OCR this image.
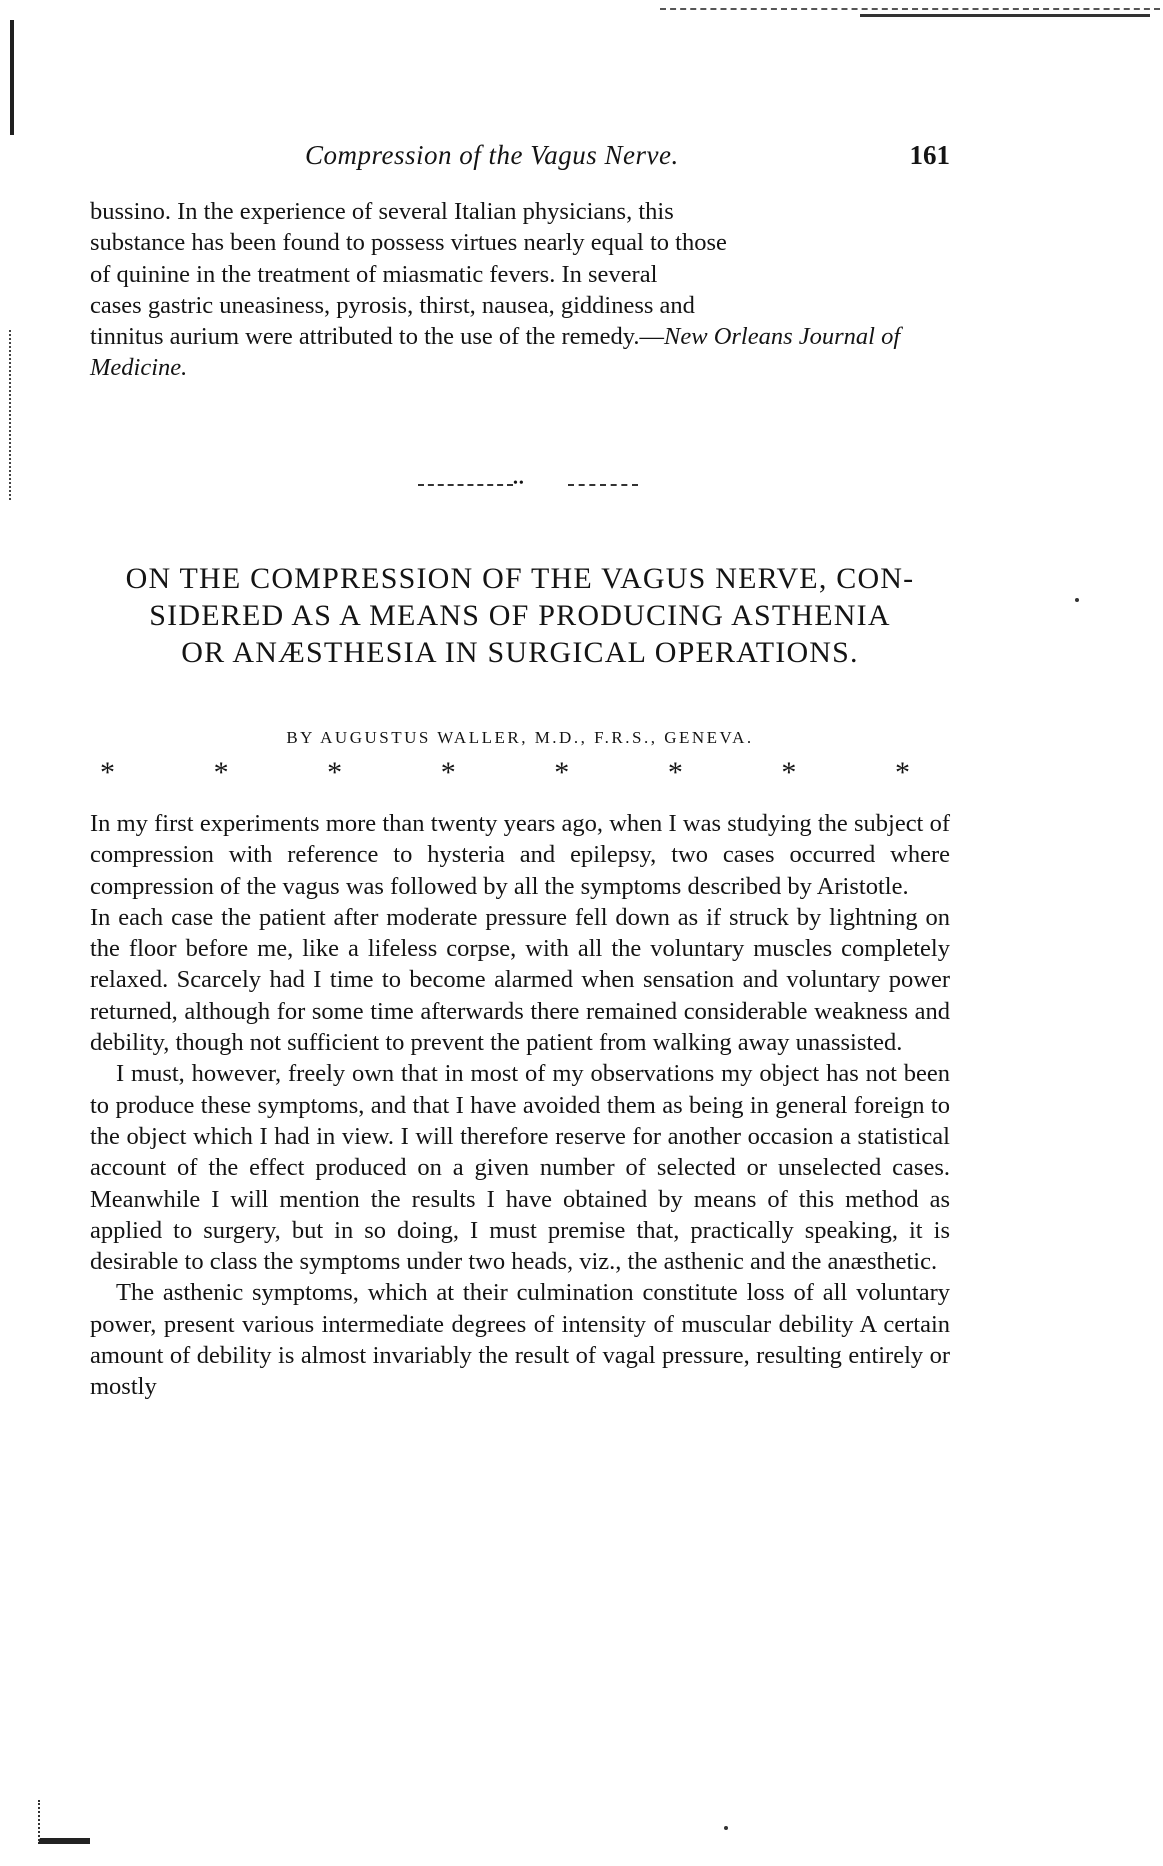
Compression of the Vagus Nerve.	161

bussino. In the experience of several Italian physicians, this
substance has been found to possess virtues nearly equal to those
of quinine in the treatment of miasmatic fevers. In several
cases gastric uneasiness, pyrosis, thirst, nausea, giddiness and
tinnitus aurium were attributed to the use of the remedy.—New Orleans Journal of Medicine.

••
ON THE COMPRESSION OF THE VAGUS NERVE, CON-
SIDERED AS A MEANS OF PRODUCING ASTHENIA
OR ANÆSTHESIA IN SURGICAL OPERATIONS.
BY AUGUSTUS WALLER, M.D., F.R.S., GENEVA.
*	*	*	*	*	*	*	*

In my first experiments more than twenty years ago, when I was studying the subject of compression with reference to hysteria and epilepsy, two cases occurred where compression of the vagus was followed by all the symptoms described by Aristotle.

In each case the patient after moderate pressure fell down as if struck by lightning on the floor before me, like a lifeless corpse, with all the voluntary muscles completely relaxed. Scarcely had I time to become alarmed when sensation and voluntary power returned, although for some time afterwards there remained considerable weakness and debility, though not sufficient to prevent the patient from walking away unassisted.

I must, however, freely own that in most of my observations my object has not been to produce these symptoms, and that I have avoided them as being in general foreign to the object which I had in view. I will therefore reserve for another occasion a statistical account of the effect produced on a given number of selected or unselected cases. Meanwhile I will mention the results I have obtained by means of this method as applied to surgery, but in so doing, I must premise that, practically speaking, it is desirable to class the symptoms under two heads, viz., the asthenic and the anæsthetic.

The asthenic symptoms, which at their culmination constitute loss of all voluntary power, present various intermediate degrees of intensity of muscular debility A certain amount of debility is almost invariably the result of vagal pressure, resulting entirely or mostly
